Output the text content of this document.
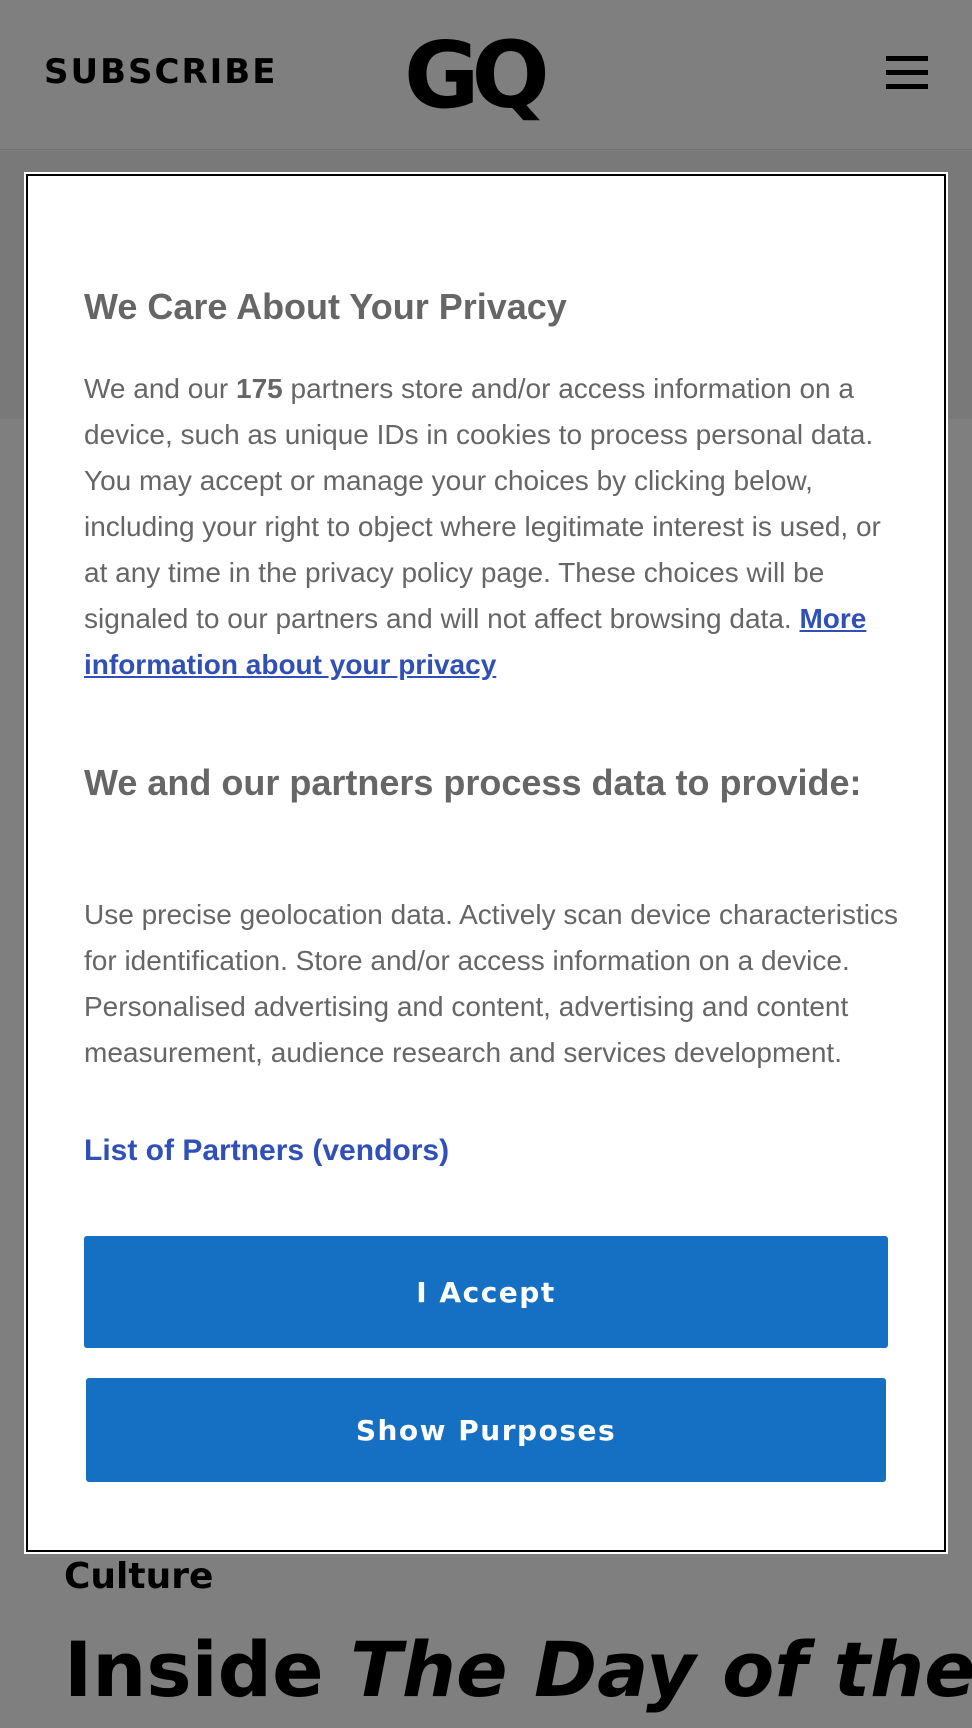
We Care About Your Privacy

We and our 175 partners store and/or access information on a device, such as unique IDs in cookies to process personal data. You may accept or manage your choices by clicking below, including your right to object where legitimate interest is used, or at any time in the privacy policy page. These choices will be signaled to our partners and will not affect browsing data. More information about your privacy

We and our partners process data to provide:

Use precise geolocation data. Actively scan device characteristics for identification. Store and/or access information on a device. Personalised advertising and content, advertising and content measurement, audience research and services development.

List of Partners (vendors)
I Accept
Show Purposes
